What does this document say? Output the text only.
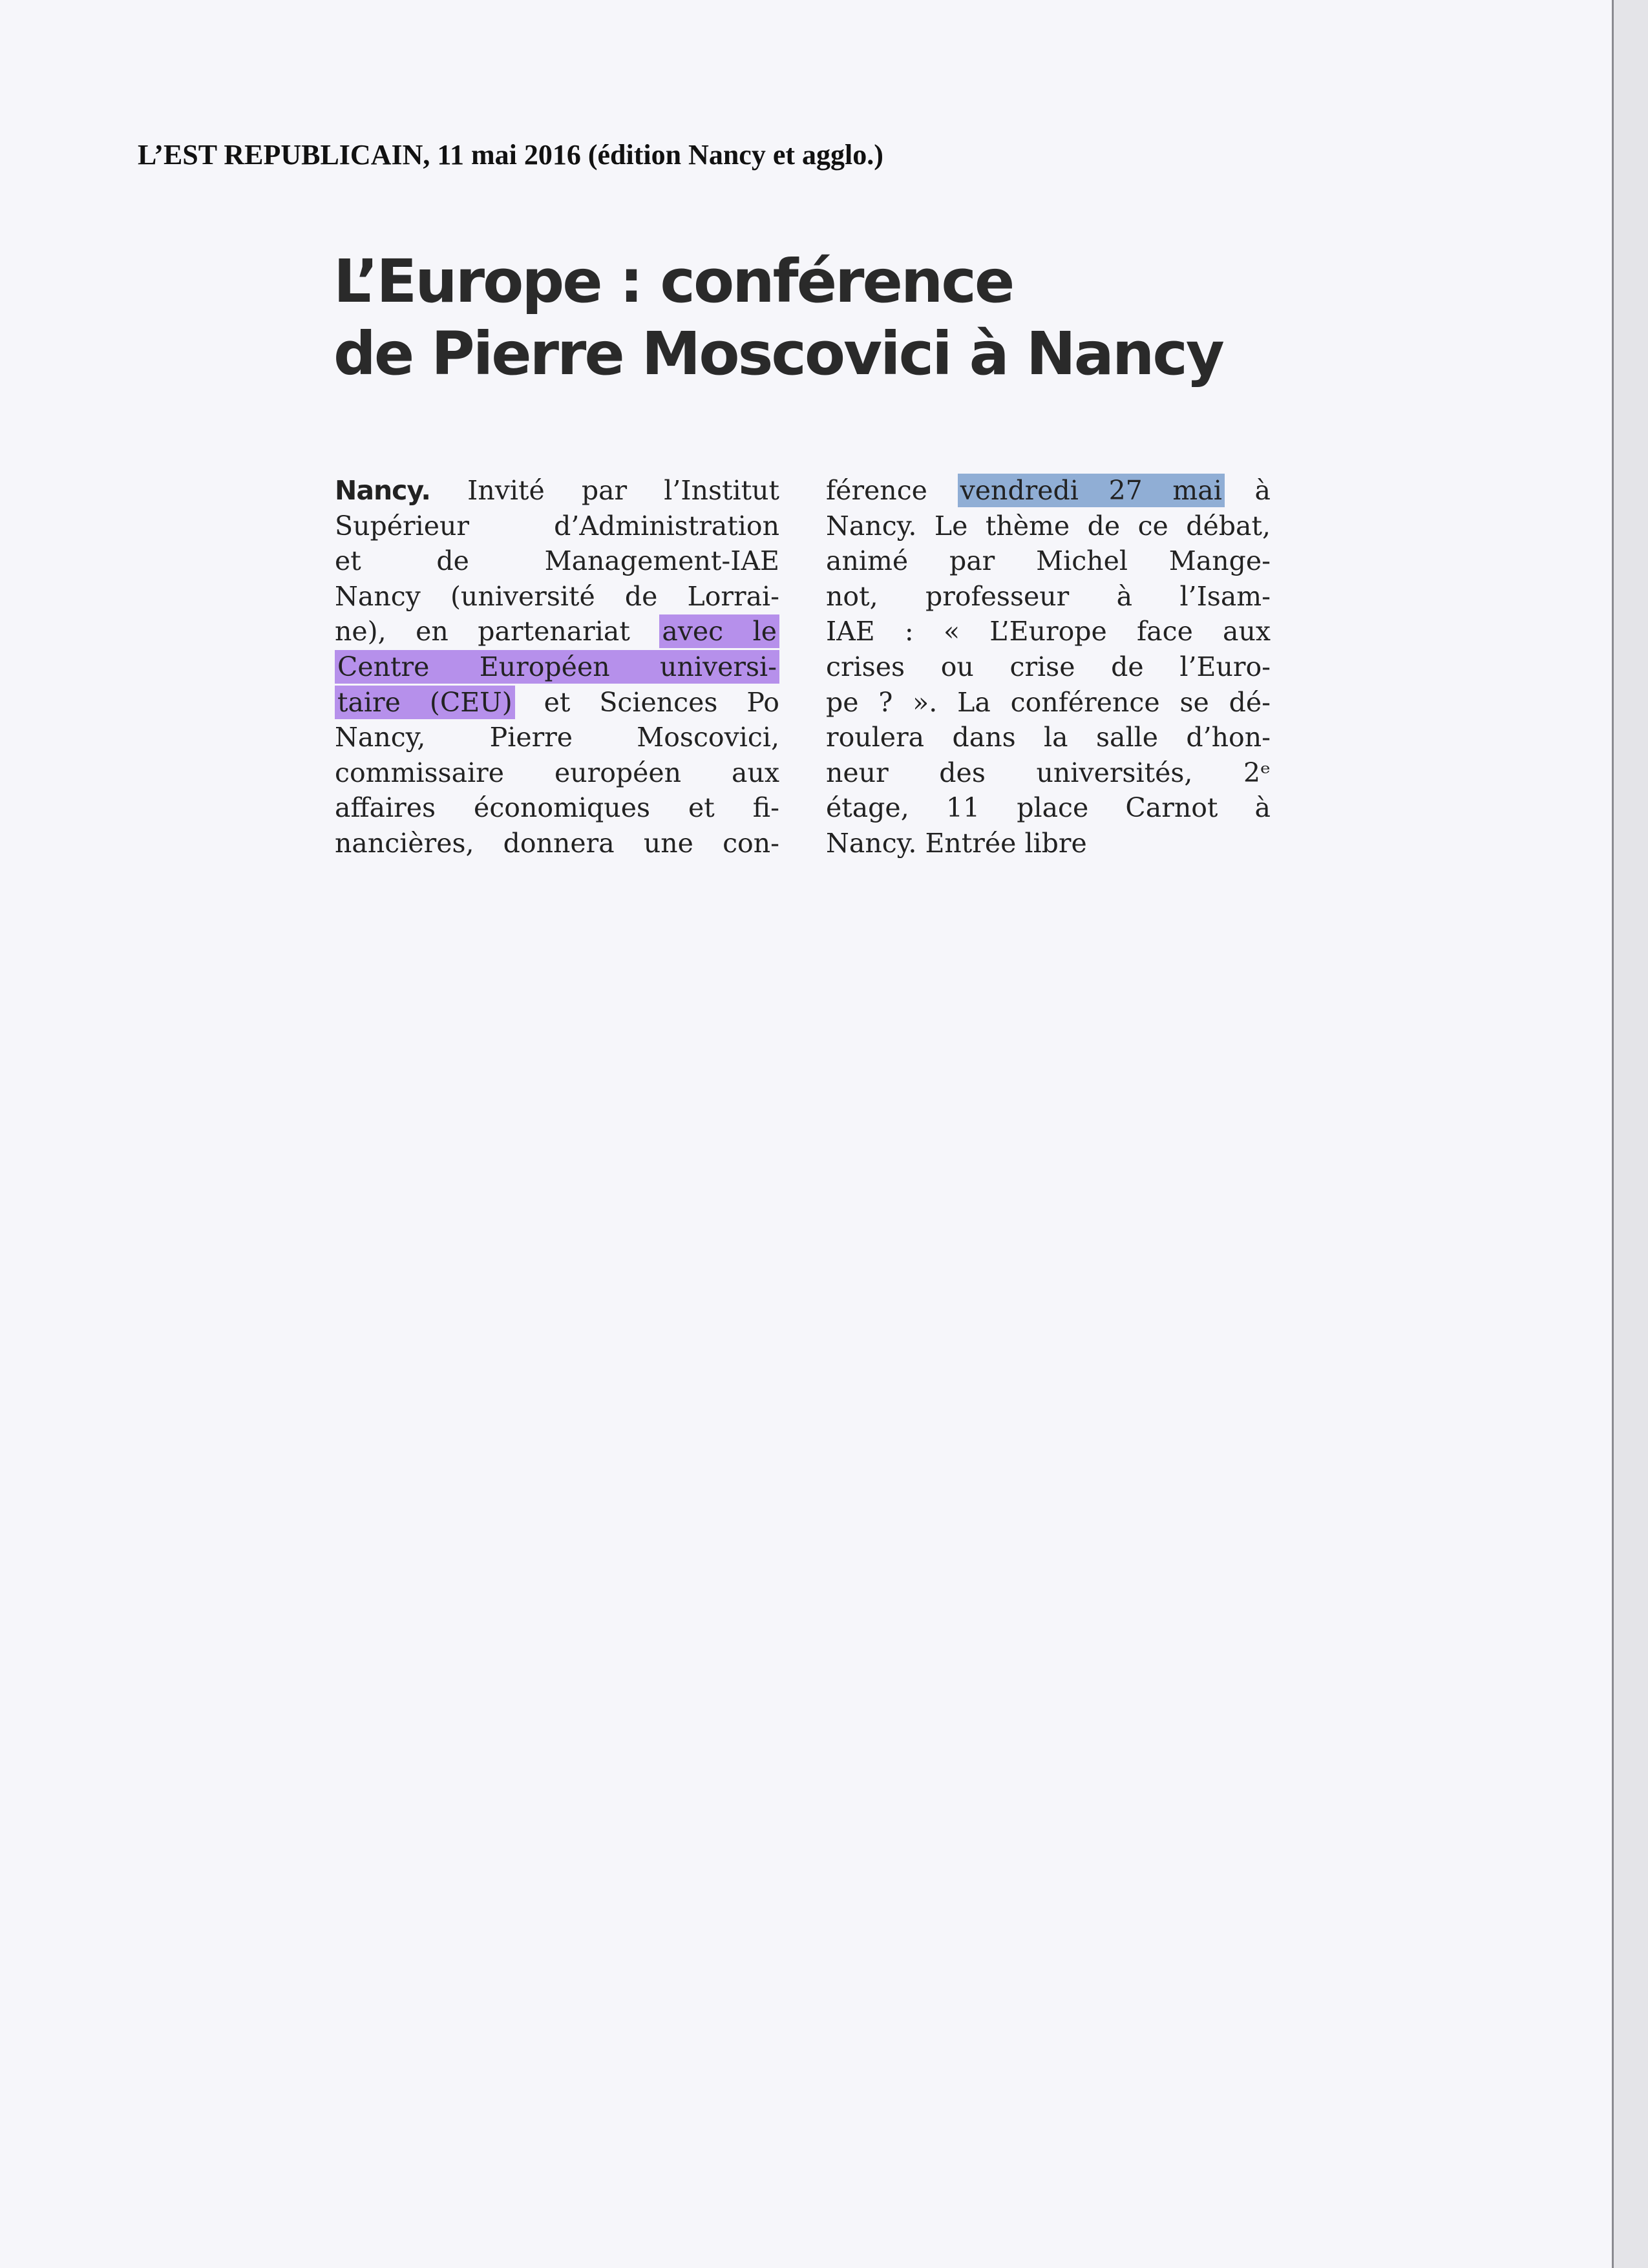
L’EST REPUBLICAIN, 11 mai 2016 (édition Nancy et agglo.)
L’Europe : conférence
de Pierre Moscovici à Nancy
Nancy. Invité par l’Institut
Supérieur d’Administration
et de Management-IAE
Nancy (université de Lorrai-
ne), en partenariat avec le
Centre Européen universi-
taire (CEU) et Sciences Po
Nancy, Pierre Moscovici,
commissaire européen aux
affaires économiques et fi-
nancières, donnera une con-
férence vendredi 27 mai à
Nancy. Le thème de ce débat,
animé par Michel Mange-
not, professeur à l’Isam-
IAE : « L’Europe face aux
crises ou crise de l’Euro-
pe ? ». La conférence se dé-
roulera dans la salle d’hon-
neur des universités, 2ᵉ
étage, 11 place Carnot à
Nancy. Entrée libre
